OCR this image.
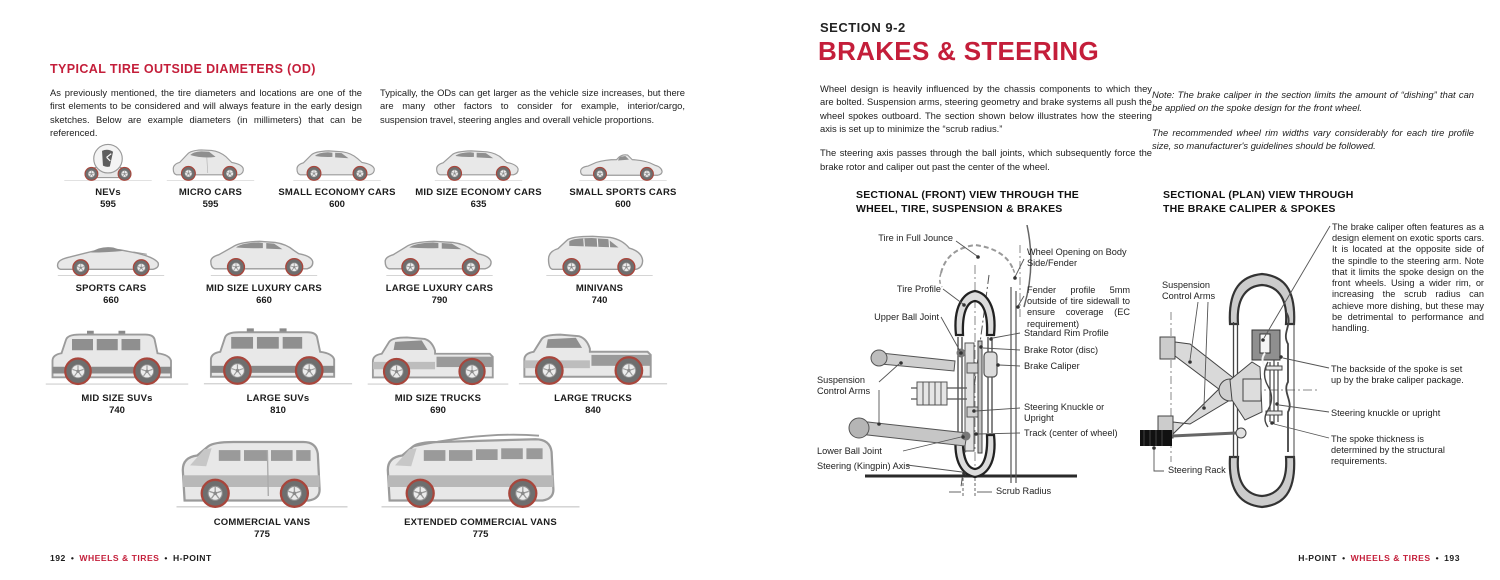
TYPICAL TIRE OUTSIDE DIAMETERS (OD)
As previously mentioned, the tire diameters and locations are one of the first elements to be considered and will always feature in the early design sketches. Below are example diameters (in millimeters) that can be referenced.
Typically, the ODs can get larger as the vehicle size increases, but there are many other factors to consider for example, interior/cargo, suspension travel, steering angles and overall vehicle proportions.
NEVs
595
MICRO CARS
595
SMALL ECONOMY CARS
600
MID SIZE ECONOMY CARS
635
SMALL SPORTS CARS
600
SPORTS CARS
660
MID SIZE LUXURY CARS
660
LARGE LUXURY CARS
790
MINIVANS
740
MID SIZE SUVs
740
LARGE SUVs
810
MID SIZE TRUCKS
690
LARGE TRUCKS
840
COMMERCIAL VANS
775
EXTENDED COMMERCIAL VANS
775
192 • WHEELS & TIRES • H-POINT
SECTION 9-2
BRAKES & STEERING

Wheel design is heavily influenced by the chassis components to which they are bolted. Suspension arms, steering geometry and brake systems all push the wheel spokes outboard. The section shown below illustrates how the steering axis is set up to minimize the “scrub radius.”

The steering axis passes through the ball joints, which subsequently force the brake rotor and caliper out past the center of the wheel.

Note: The brake caliper in the section limits the amount of “dishing” that can be applied on the spoke design for the front wheel.

The recommended wheel rim widths vary considerably for each tire profile size, so manufacturer's guidelines should be followed.

SECTIONAL (FRONT) VIEW THROUGH THE
WHEEL, TIRE, SUSPENSION & BRAKES
SECTIONAL (PLAN) VIEW THROUGH
THE BRAKE CALIPER & SPOKES
Tire in Full Jounce
Wheel Opening on Body Side/Fender
Tire Profile	Fender profile 5mm outside of tire sidewall to ensure coverage (EC requirement)
Upper Ball Joint
Standard Rim Profile
Brake Rotor (disc)
Brake Caliper
Suspension Control Arms
Steering Knuckle or Upright
Track (center of wheel)
Lower Ball Joint
Steering (Kingpin) Axis
Scrub Radius
Suspension Control Arms
The brake caliper often features as a design element on exotic sports cars. It is located at the opposite side of the spindle to the steering arm. Note that it limits the spoke design on the front wheels. Using a wider rim, or increasing the scrub radius can achieve more dishing, but these may be detrimental to performance and handling.
The backside of the spoke is set up by the brake caliper package.
Steering knuckle or upright
The spoke thickness is determined by the structural requirements.
Steering Rack
H-POINT • WHEELS & TIRES • 193
